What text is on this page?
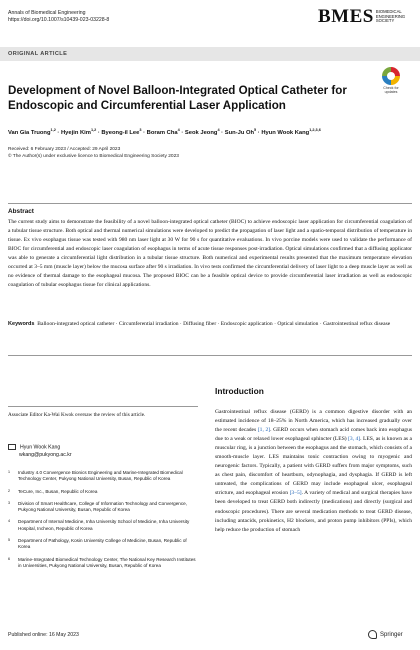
Annals of Biomedical Engineering
https://doi.org/10.1007/s10439-023-03228-8	BMES BIOMEDICAL
ENGINEERING
SOCIETY
ORIGINAL ARTICLE
Check for
updates
Development of Novel Balloon-Integrated Optical Catheter for Endoscopic and Circumferential Laser Application
Van Gia Truong$^{1,2}$ · Hyejin Kim$^{1,2}$ · Byeong-il Lee$^3$ · Boram Cha$^4$ · Seok Jeong$^4$ · Sun-Ju $Oh^5$ · Hyun Wook Kang$^{1,2,3,6}$
Received: 6 February 2023 / Accepted: 29 April 2023
© The Author(s) under exclusive licence to Biomedical Engineering Society 2023
Abstract

The current study aims to demonstrate the feasibility of a novel balloon-integrated optical catheter (BIOC) to achieve endoscopic laser application for circumferential coagulation of a tubular tissue structure. Both optical and thermal numerical simulations were developed to predict the propagation of laser light and a spatio-temporal distribution of temperature in tissue. Ex vivo esophagus tissue was tested with 980 nm laser light at 30 W for 90 s for quantitative evaluations. In vivo porcine models were used to validate the performance of BIOC for circumferential and endoscopic laser coagulation of esophagus in terms of acute tissue responses post-irradiation. Optical simulations confirmed that a diffusing applicator was able to generate a circumferential light distribution in a tubular tissue structure. Both numerical and experimental results presented that the maximum temperature elevation occurred at 3–5 mm (muscle layer) below the mucosa surface after 90 s irradiation. In vivo tests confirmed the circumferential delivery of laser light to a deep muscle layer as well as no evidence of thermal damage to the esophageal mucosa. The proposed BIOC can be a feasible optical device to provide circumferential laser irradiation as well as endoscopic coagulation of tubular esophagus tissue for clinical applications.

Keywords Balloon-integrated optical catheter · Circumferential irradiation · Diffusing fiber · Endoscopic application · Optical simulation · Gastrointestinal reflux disease

Associate Editor Ka-Wai Kwok oversaw the review of this article.

Hyun Wook Kang
wkang@pukyong.ac.kr
1	Industry 4.0 Convergence Bionics Engineering and Marine-Integrated Biomedical Technology Center, Pukyong National University, Busan, Republic of Korea
2	TeCure, Inc., Busan, Republic of Korea
3	Division of Smart Healthcare, College of Information Technology and Convergence, Pukyong National University, Busan, Republic of Korea
4	Department of Internal Medicine, Inha University School of Medicine, Inha University Hospital, Incheon, Republic of Korea
5	Department of Pathology, Kosin University College of Medicine, Busan, Republic of Korea
6	Marine-Integrated Biomedical Technology Center, The National Key Research Institutes in Universities, Pukyong National University, Busan, Republic of Korea
Introduction

Gastrointestinal reflux disease (GERD) is a common digestive disorder with an estimated incidence of 18–25% in North America, which has increased gradually over the recent decades [1, 2]. GERD occurs when stomach acid comes back into esophagus due to a weak or relaxed lower esophageal sphincter (LES) [3, 4]. LES, as is known as a muscular ring, is a junction between the esophagus and the stomach, which consists of a smooth-muscle layer. LES maintains tonic contraction owing to myogenic and neurogenic factors. Typically, a patient with GERD suffers from major symptoms, such as chest pain, discomfort of heartburn, odynophagia, and dysphagia. If GERD is left untreated, the complications of GERD may include esophageal ulcer, esophageal stricture, and esophageal erosion [3–5]. A variety of medical and surgical therapies have been developed to treat GERD both indirectly (medications) and directly (surgical and endoscopic procedures). There are several medication methods to treat GERD disease, including antacids, prokinetics, H2 blockers, and proton pump inhibitors (PPIs), which help reduce the production of stomach

Published online: 16 May 2023	Springer
